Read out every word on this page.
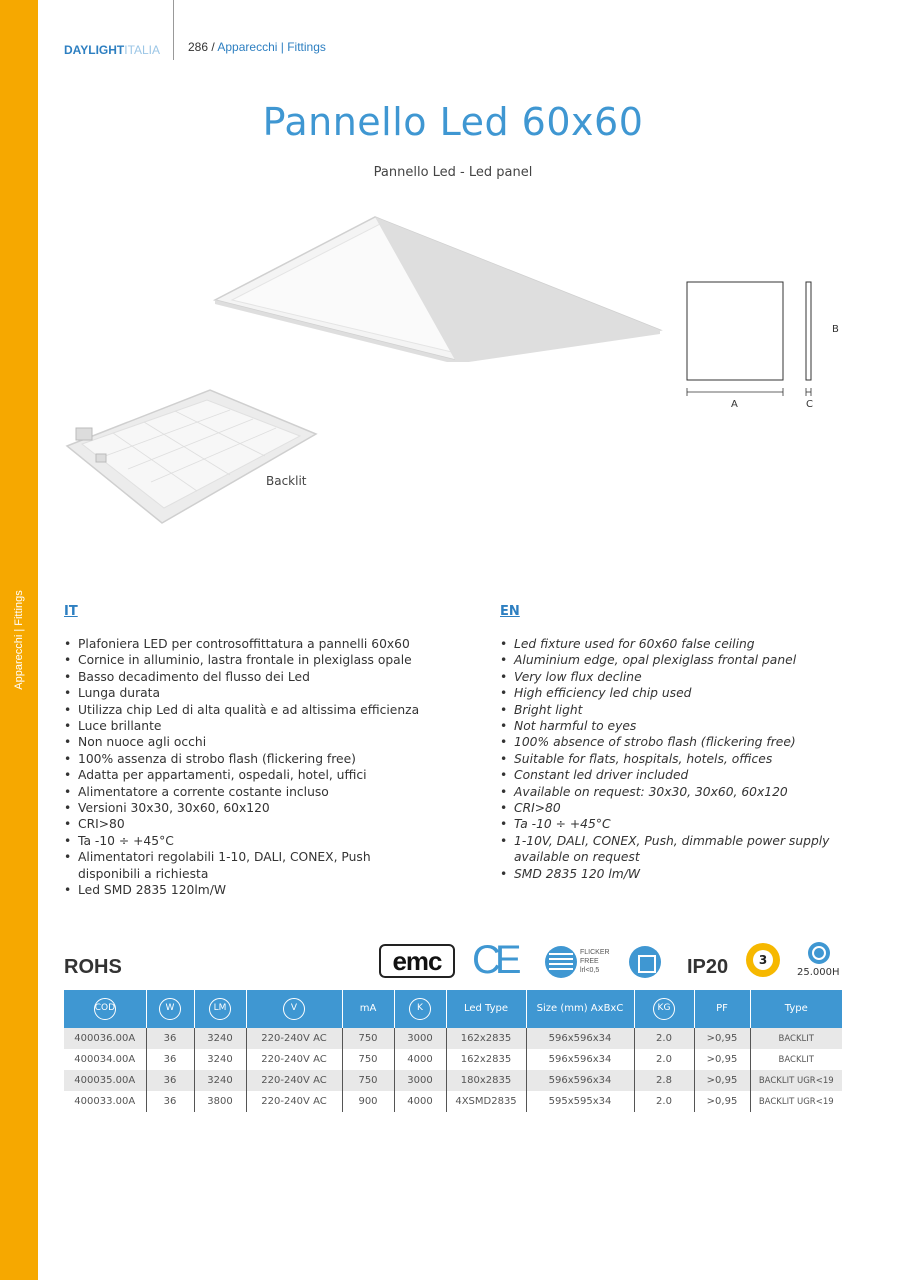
Apparecchi | Fittings
DAYLIGHT ITALIA 286 / Apparecchi | Fittings
Pannello Led 60x60
Pannello Led - Led panel
Backlit
A
B
C
IT
• Plafoniera LED per controsoffittatura a pannelli 60x60
• Cornice in alluminio, lastra frontale in plexiglass opale
• Basso decadimento del flusso dei Led
• Lunga durata
• Utilizza chip Led di alta qualità e ad altissima efficienza
• Luce brillante
• Non nuoce agli occhi
• 100% assenza di strobo flash (flickering free)
• Adatta per appartamenti, ospedali, hotel, uffici
• Alimentatore a corrente costante incluso
• Versioni 30x30, 30x60, 60x120
• CRI>80
• Ta -10 ÷ +45°C
• Alimentatori regolabili 1-10, DALI, CONEX, Push disponibili a richiesta
• Led SMD 2835 120lm/W
EN
• Led fixture used for 60x60 false ceiling
• Aluminium edge, opal plexiglass frontal panel
• Very low flux decline
• High efficiency led chip used
• Bright light
• Not harmful to eyes
• 100% absence of strobo flash (flickering free)
• Suitable for flats, hospitals, hotels, offices
• Constant led driver included
• Available on request: 30x30, 30x60, 60x120
• CRI>80
• Ta -10 ÷ +45°C
• 1-10V, DALI, CONEX, Push, dimmable power supply available on request
• SMD 2835 120 lm/W
ROHS	emc CE	FLICKER
FREE
lrl<0,5	IP20	3
25.000H
COD	W	LM	V	mA	K	Led Type	Size (mm) AxBxC	KG	PF	Type
400036.00A	36	3240	220-240V AC	750	3000	162x2835	596x596x34	2.0	>0,95	BACKLIT
400034.00A	36	3240	220-240V AC	750	4000	162x2835	596x596x34	2.0	>0,95	BACKLIT
400035.00A	36	3240	220-240V AC	750	3000	180x2835	596x596x34	2.8	>0,95	BACKLIT UGR<19
400033.00A	36	3800	220-240V AC	900	4000	4XSMD2835	595x595x34	2.0	>0,95	BACKLIT UGR<19
